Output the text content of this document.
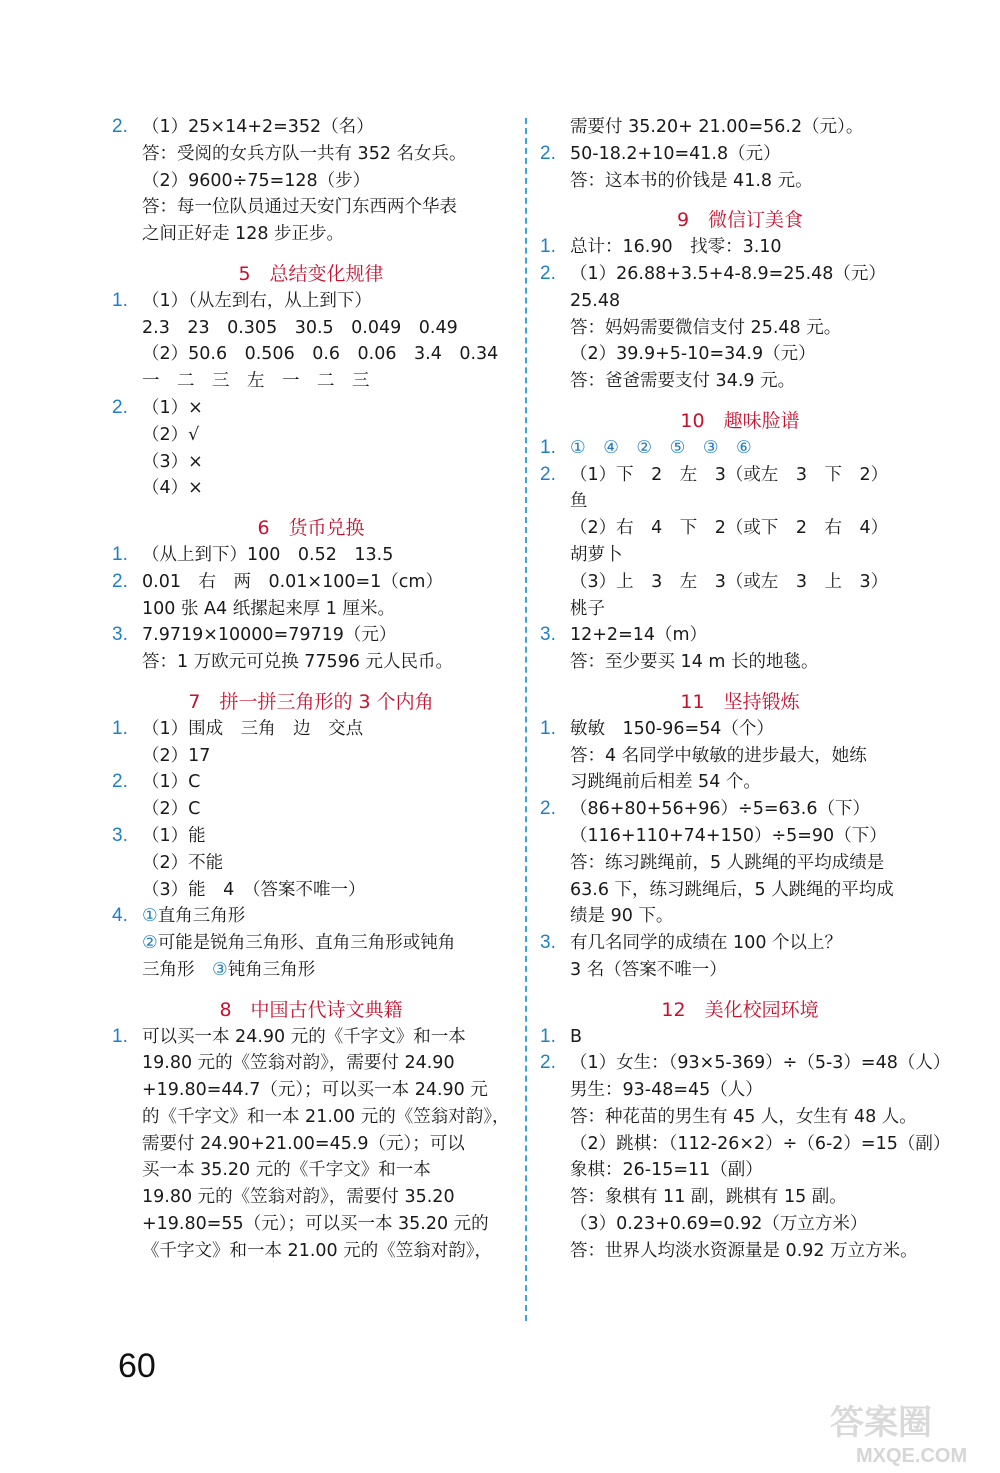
2. （1）25×14+2=352（名）
答：受阅的女兵方队一共有 352 名女兵。
（2）9600÷75=128（步）
答：每一位队员通过天安门东西两个华表
之间正好走 128 步正步。
5　总结变化规律
1. （1）（从左到右，从上到下）
2.3　23　0.305　30.5　0.049　0.49
（2）50.6　0.506　0.6　0.06　3.4　0.34
一　二　三　左　一　二　三
2. （1）×
（2）√
（3）×
（4）×
6　货币兑换
1. （从上到下）100　0.52　13.5
2. 0.01　右　两　0.01×100=1（cm）
100 张 A4 纸摞起来厚 1 厘米。
3. 7.9719×10000=79719（元）
答：1 万欧元可兑换 77596 元人民币。
7　拼一拼三角形的 3 个内角
1. （1）围成　三角　边　交点
（2）17
2. （1）C
（2）C
3. （1）能
（2）不能
（3）能　4　（答案不唯一）
4. ①直角三角形
②可能是锐角三角形、直角三角形或钝角
三角形　③钝角三角形
8　中国古代诗文典籍
1. 可以买一本 24.90 元的《千字文》和一本
19.80 元的《笠翁对韵》，需要付 24.90
+19.80=44.7（元）；可以买一本 24.90 元
的《千字文》和一本 21.00 元的《笠翁对韵》，
需要付 24.90+21.00=45.9（元）；可以
买一本 35.20 元的《千字文》和一本
19.80 元的《笠翁对韵》，需要付 35.20
+19.80=55（元）；可以买一本 35.20 元的
《千字文》和一本 21.00 元的《笠翁对韵》，
需要付 35.20+ 21.00=56.2（元）。
2. 50-18.2+10=41.8（元）
答：这本书的价钱是 41.8 元。
9　微信订美食
1. 总计：16.90　找零：3.10
2. （1）26.88+3.5+4-8.9=25.48（元）
25.48
答：妈妈需要微信支付 25.48 元。
（2）39.9+5-10=34.9（元）
答：爸爸需要支付 34.9 元。
10　趣味脸谱
1. ①　 ④　 ②　 ⑤　 ③　 ⑥
2. （1）下　2　左　3（或左　3　下　2）
鱼
（2）右　4　下　2（或下　2　右　4）
胡萝卜
（3）上　3　左　3（或左　3　上　3）
桃子
3. 12+2=14（m）
答：至少要买 14 m 长的地毯。
11　坚持锻炼
1. 敏敏　150-96=54（个）
答：4 名同学中敏敏的进步最大，她练
习跳绳前后相差 54 个。
2. （86+80+56+96）÷5=63.6（下）
（116+110+74+150）÷5=90（下）
答：练习跳绳前，5 人跳绳的平均成绩是
63.6 下，练习跳绳后，5 人跳绳的平均成
绩是 90 下。
3. 有几名同学的成绩在 100 个以上？
3 名（答案不唯一）
12　美化校园环境
1. B
2. （1）女生：（93×5-369）÷（5-3）=48（人）
男生：93-48=45（人）
答：种花苗的男生有 45 人，女生有 48 人。
（2）跳棋：（112-26×2）÷（6-2）=15（副）
象棋：26-15=11（副）
答：象棋有 11 副，跳棋有 15 副。
（3）0.23+0.69=0.92（万立方米）
答：世界人均淡水资源量是 0.92 万立方米。
60
答案圈
MXQE.COM
